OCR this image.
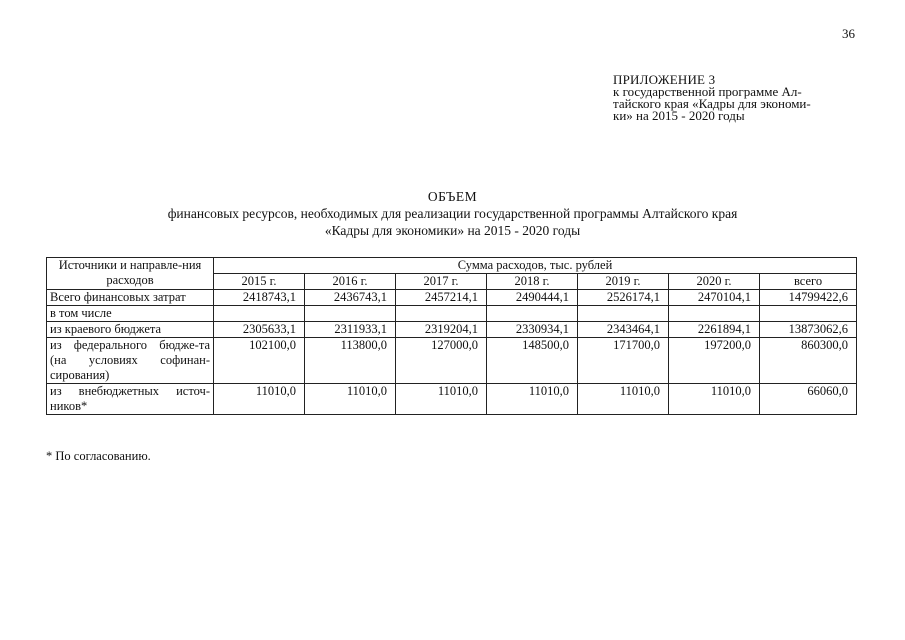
36
ПРИЛОЖЕНИЕ 3
к государственной программе Ал-
тайского края «Кадры для экономи-
ки» на 2015 - 2020 годы
ОБЪЕМ
финансовых ресурсов, необходимых для реализации государственной программы Алтайского края
«Кадры для экономики» на 2015 - 2020 годы
Источники и направле-ния расходов	Сумма расходов, тыс. рублей						
	2015 г.	2016 г.	2017 г.	2018 г.	2019 г.	2020 г.	всего
Всего финансовых затрат	2418743,1	2436743,1	2457214,1	2490444,1	2526174,1	2470104,1	14799422,6
в том числе							
из краевого бюджета	2305633,1	2311933,1	2319204,1	2330934,1	2343464,1	2261894,1	13873062,6
из федерального бюдже-та (на условиях софинан-сирования)	102100,0	113800,0	127000,0	148500,0	171700,0	197200,0	860300,0
из внебюджетных источ-ников*	11010,0	11010,0	11010,0	11010,0	11010,0	11010,0	66060,0
* По согласованию.
